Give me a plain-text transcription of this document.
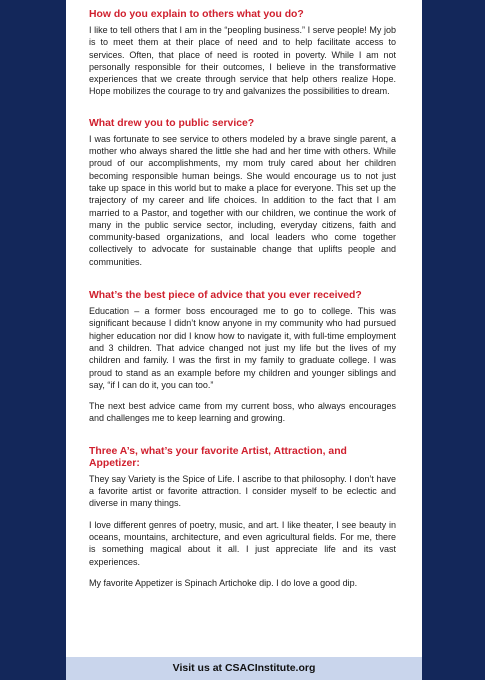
How do you explain to others what you do?

I like to tell others that I am in the “peopling business.” I serve people! My job is to meet them at their place of need and to help facilitate access to services. Often, that place of need is rooted in poverty. While I am not personally responsible for their outcomes, I believe in the transformative experiences that we create through service that help others realize Hope. Hope mobilizes the courage to try and galvanizes the possibilities to dream.

What drew you to public service?

I was fortunate to see service to others modeled by a brave single parent, a mother who always shared the little she had and her time with others. While proud of our accomplishments, my mom truly cared about her children becoming responsible human beings. She would encourage us to not just take up space in this world but to make a place for everyone. This set up the trajectory of my career and life choices. In addition to the fact that I am married to a Pastor, and together with our children, we continue the work of many in the public service sector, including, everyday citizens, faith and community-based organizations, and local leaders who come together collectively to advocate for sustainable change that uplifts people and communities.

What’s the best piece of advice that you ever received?

Education – a former boss encouraged me to go to college. This was significant because I didn’t know anyone in my community who had pursued higher education nor did I know how to navigate it, with full-time employment and 3 children. That advice changed not just my life but the lives of my children and family. I was the first in my family to graduate college. I was proud to stand as an example before my children and younger siblings and say, “if I can do it, you can too.”

The next best advice came from my current boss, who always encourages and challenges me to keep learning and growing.

Three A’s, what’s your favorite Artist, Attraction, and Appetizer:

They say Variety is the Spice of Life. I ascribe to that philosophy. I don’t have a favorite artist or favorite attraction. I consider myself to be eclectic and diverse in many things.

I love different genres of poetry, music, and art. I like theater, I see beauty in oceans, mountains, architecture, and even agricultural fields. For me, there is something magical about it all. I just appreciate life and its vast experiences.

My favorite Appetizer is Spinach Artichoke dip. I do love a good dip.

Visit us at CSACInstitute.org
